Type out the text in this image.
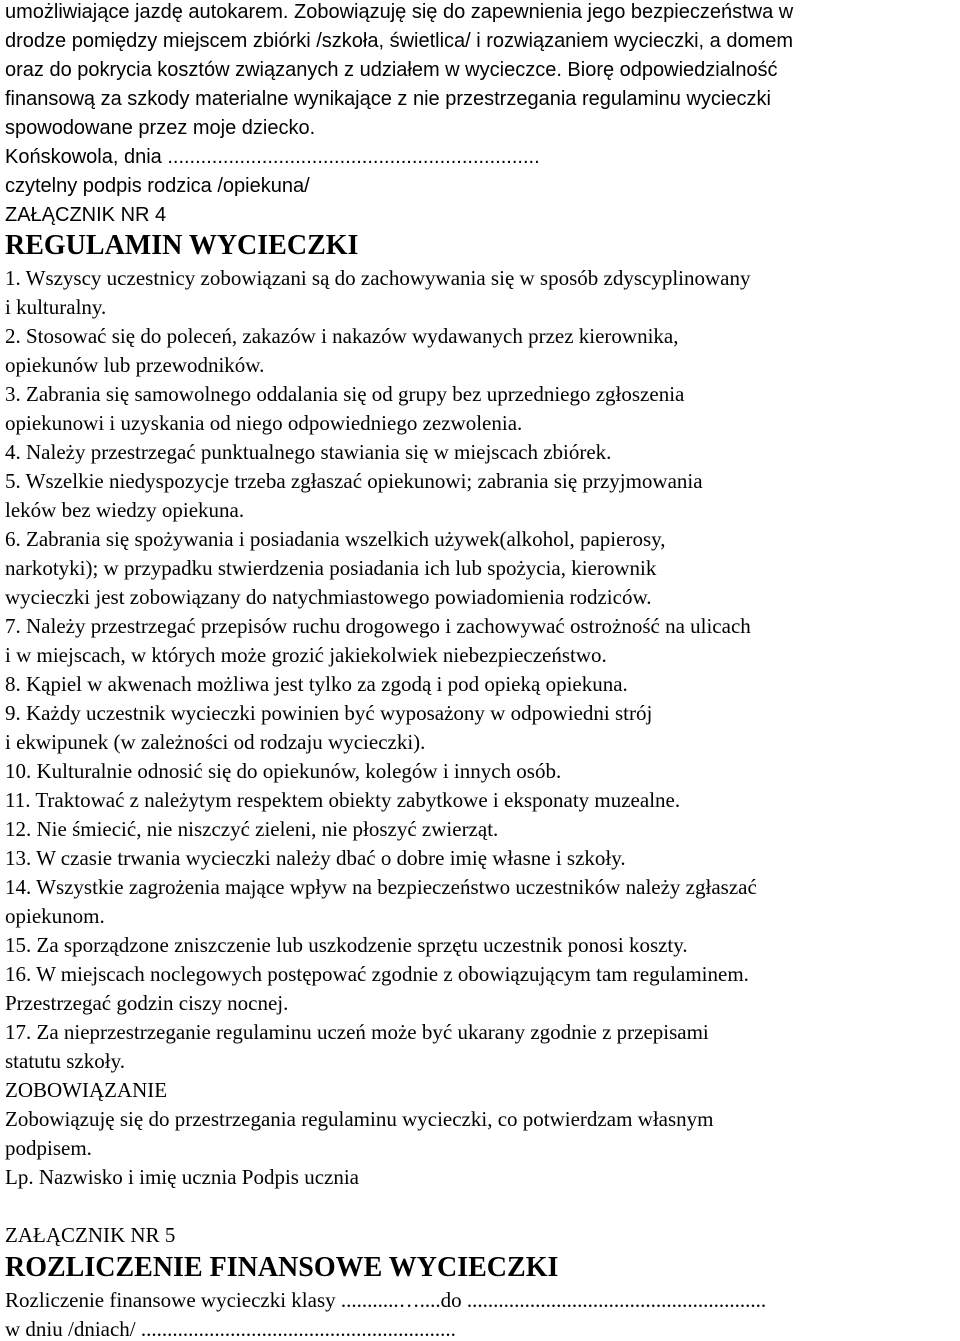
umożliwiające jazdę autokarem. Zobowiązuję się do zapewnienia jego bezpieczeństwa w
drodze pomiędzy miejscem zbiórki /szkoła, świetlica/ i rozwiązaniem wycieczki, a domem
oraz do pokrycia kosztów związanych z udziałem w wycieczce. Biorę odpowiedzialność
finansową za szkody materialne wynikające z nie przestrzegania regulaminu wycieczki
spowodowane przez moje dziecko.
Końskowola, dnia ...................................................................
czytelny podpis rodzica /opiekuna/
ZAŁĄCZNIK NR 4
REGULAMIN WYCIECZKI
1. Wszyscy uczestnicy zobowiązani są do zachowywania się w sposób zdyscyplinowany
i kulturalny.
2. Stosować się do poleceń, zakazów i nakazów wydawanych przez kierownika,
opiekunów lub przewodników.
3. Zabrania się samowolnego oddalania się od grupy bez uprzedniego zgłoszenia
opiekunowi i uzyskania od niego odpowiedniego zezwolenia.
4. Należy przestrzegać punktualnego stawiania się w miejscach zbiórek.
5. Wszelkie niedyspozycje trzeba zgłaszać opiekunowi; zabrania się przyjmowania
leków bez wiedzy opiekuna.
6. Zabrania się spożywania i posiadania wszelkich używek(alkohol, papierosy,
narkotyki); w przypadku stwierdzenia posiadania ich lub spożycia, kierownik
wycieczki jest zobowiązany do natychmiastowego powiadomienia rodziców.
7. Należy przestrzegać przepisów ruchu drogowego i zachowywać ostrożność na ulicach
i w miejscach, w których może grozić jakiekolwiek niebezpieczeństwo.
8. Kąpiel w akwenach możliwa jest tylko za zgodą i pod opieką opiekuna.
9. Każdy uczestnik wycieczki powinien być wyposażony w odpowiedni strój
i ekwipunek (w zależności od rodzaju wycieczki).
10. Kulturalnie odnosić się do opiekunów, kolegów i innych osób.
11. Traktować z należytym respektem obiekty zabytkowe i eksponaty muzealne.
12. Nie śmiecić, nie niszczyć zieleni, nie płoszyć zwierząt.
13. W czasie trwania wycieczki należy dbać o dobre imię własne i szkoły.
14. Wszystkie zagrożenia mające wpływ na bezpieczeństwo uczestników należy zgłaszać
opiekunom.
15. Za sporządzone zniszczenie lub uszkodzenie sprzętu uczestnik ponosi koszty.
16. W miejscach noclegowych postępować zgodnie z obowiązującym tam regulaminem.
Przestrzegać godzin ciszy nocnej.
17. Za nieprzestrzeganie regulaminu uczeń może być ukarany zgodnie z przepisami
statutu szkoły.
ZOBOWIĄZANIE
Zobowiązuję się do przestrzegania regulaminu wycieczki, co potwierdzam własnym
podpisem.
Lp. Nazwisko i imię ucznia Podpis ucznia
ZAŁĄCZNIK NR 5
ROZLICZENIE FINANSOWE WYCIECZKI
Rozliczenie finansowe wycieczki klasy ...........…....do .........................................................
w dniu /dniach/ ............................................................
